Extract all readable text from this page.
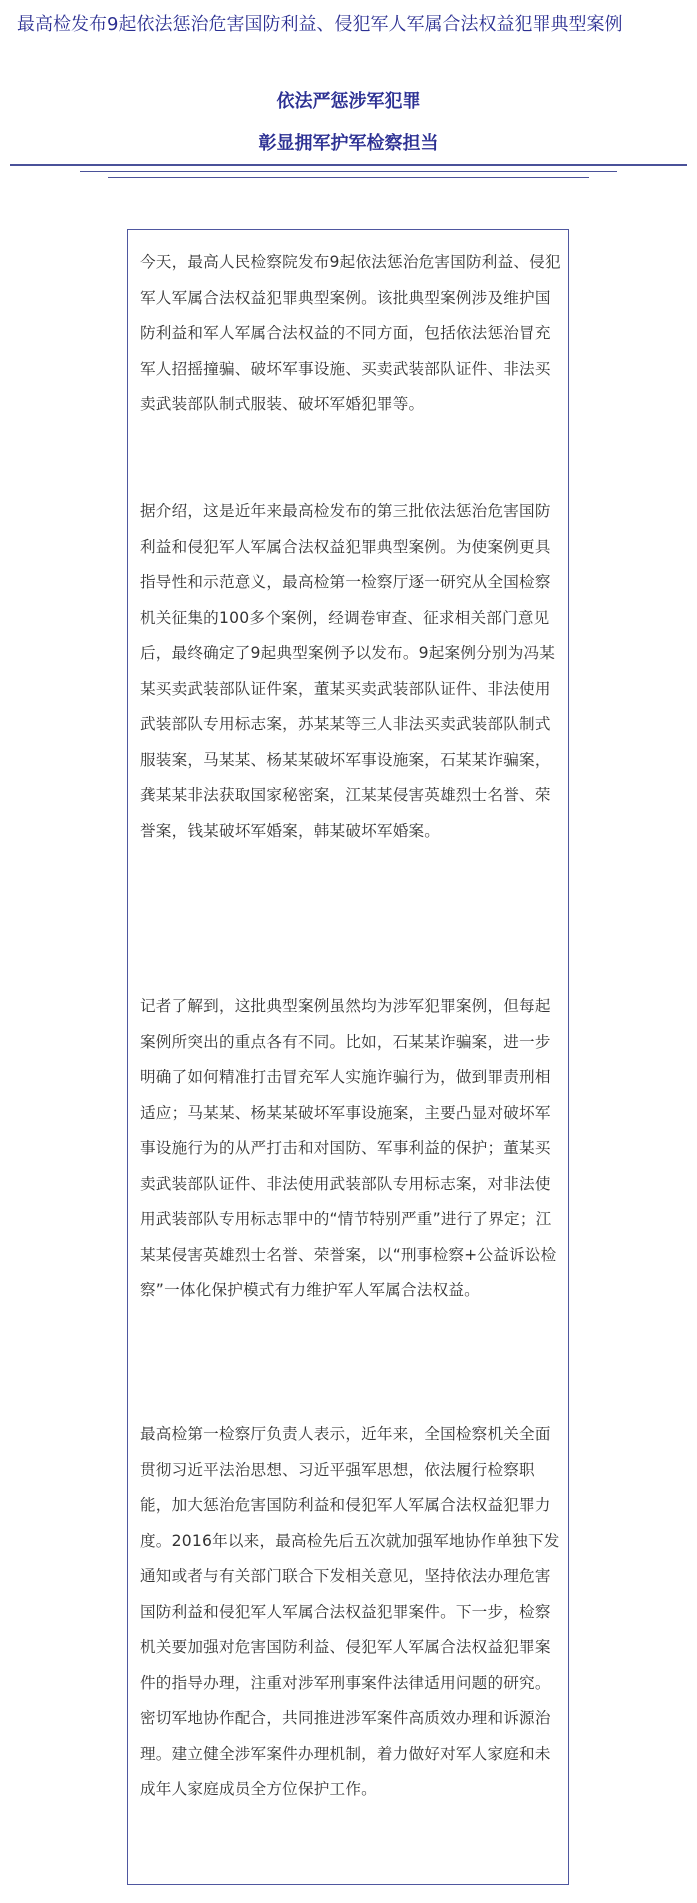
最高检发布9起依法惩治危害国防利益、侵犯军人军属合法权益犯罪典型案例
依法严惩涉军犯罪
彰显拥军护军检察担当

今天，最高人民检察院发布9起依法惩治危害国防利益、侵犯军人军属合法权益犯罪典型案例。该批典型案例涉及维护国防利益和军人军属合法权益的不同方面，包括依法惩治冒充军人招摇撞骗、破坏军事设施、买卖武装部队证件、非法买卖武装部队制式服装、破坏军婚犯罪等。

据介绍，这是近年来最高检发布的第三批依法惩治危害国防利益和侵犯军人军属合法权益犯罪典型案例。为使案例更具指导性和示范意义，最高检第一检察厅逐一研究从全国检察机关征集的100多个案例，经调卷审查、征求相关部门意见后，最终确定了9起典型案例予以发布。9起案例分别为冯某某买卖武装部队证件案，董某买卖武装部队证件、非法使用武装部队专用标志案，苏某某等三人非法买卖武装部队制式服装案，马某某、杨某某破坏军事设施案，石某某诈骗案，龚某某非法获取国家秘密案，江某某侵害英雄烈士名誉、荣誉案，钱某破坏军婚案，韩某破坏军婚案。

记者了解到，这批典型案例虽然均为涉军犯罪案例，但每起案例所突出的重点各有不同。比如，石某某诈骗案，进一步明确了如何精准打击冒充军人实施诈骗行为，做到罪责刑相适应；马某某、杨某某破坏军事设施案，主要凸显对破坏军事设施行为的从严打击和对国防、军事利益的保护；董某买卖武装部队证件、非法使用武装部队专用标志案，对非法使用武装部队专用标志罪中的“情节特别严重”进行了界定；江某某侵害英雄烈士名誉、荣誉案，以“刑事检察+公益诉讼检察”一体化保护模式有力维护军人军属合法权益。

最高检第一检察厅负责人表示，近年来，全国检察机关全面贯彻习近平法治思想、习近平强军思想，依法履行检察职能，加大惩治危害国防利益和侵犯军人军属合法权益犯罪力度。2016年以来，最高检先后五次就加强军地协作单独下发通知或者与有关部门联合下发相关意见，坚持依法办理危害国防利益和侵犯军人军属合法权益犯罪案件。下一步，检察机关要加强对危害国防利益、侵犯军人军属合法权益犯罪案件的指导办理，注重对涉军刑事案件法律适用问题的研究。密切军地协作配合，共同推进涉军案件高质效办理和诉源治理。建立健全涉军案件办理机制，着力做好对军人家庭和未成年人家庭成员全方位保护工作。
